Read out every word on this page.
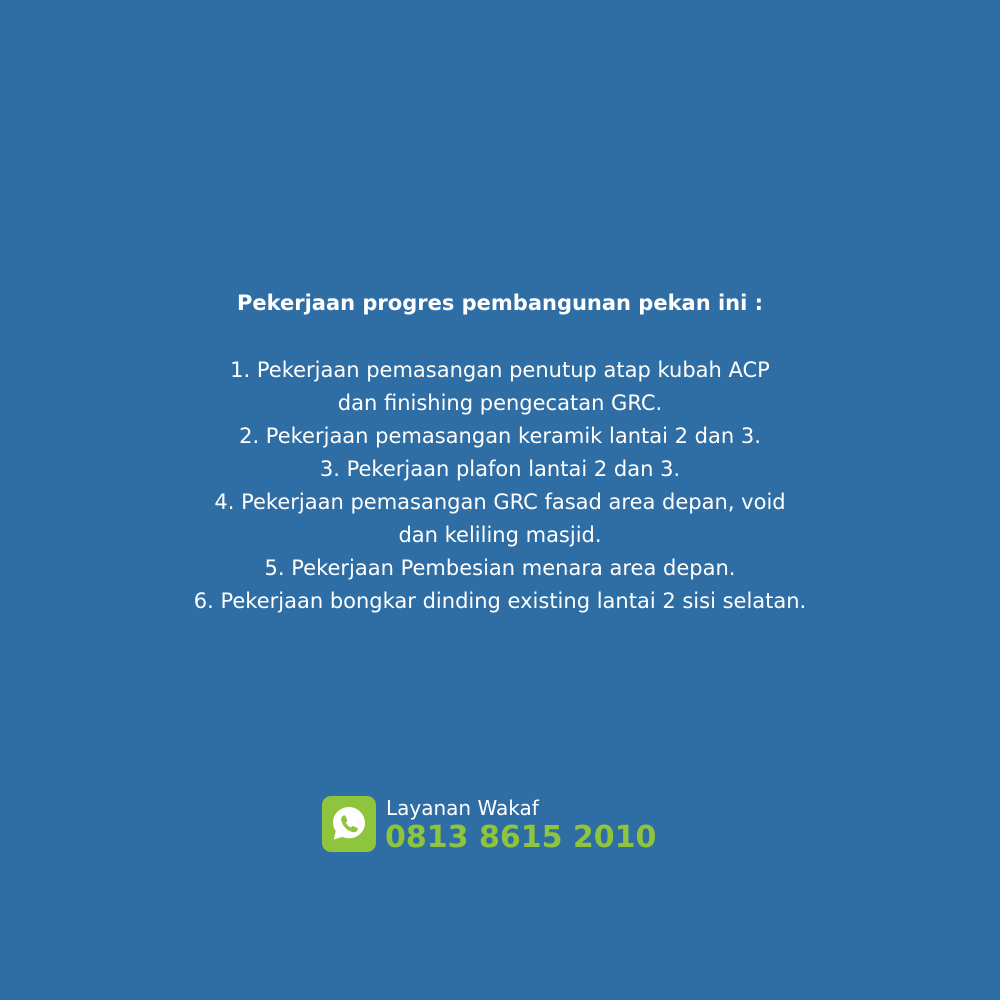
Pekerjaan progres pembangunan pekan ini :
1. Pekerjaan pemasangan penutup atap kubah ACP
dan finishing pengecatan GRC.
2. Pekerjaan pemasangan keramik lantai 2 dan 3.
3. Pekerjaan plafon lantai 2 dan 3.
4. Pekerjaan pemasangan GRC fasad area depan, void
dan keliling masjid.
5. Pekerjaan Pembesian menara area depan.
6. Pekerjaan bongkar dinding existing lantai 2 sisi selatan.
Layanan Wakaf
0813 8615 2010
